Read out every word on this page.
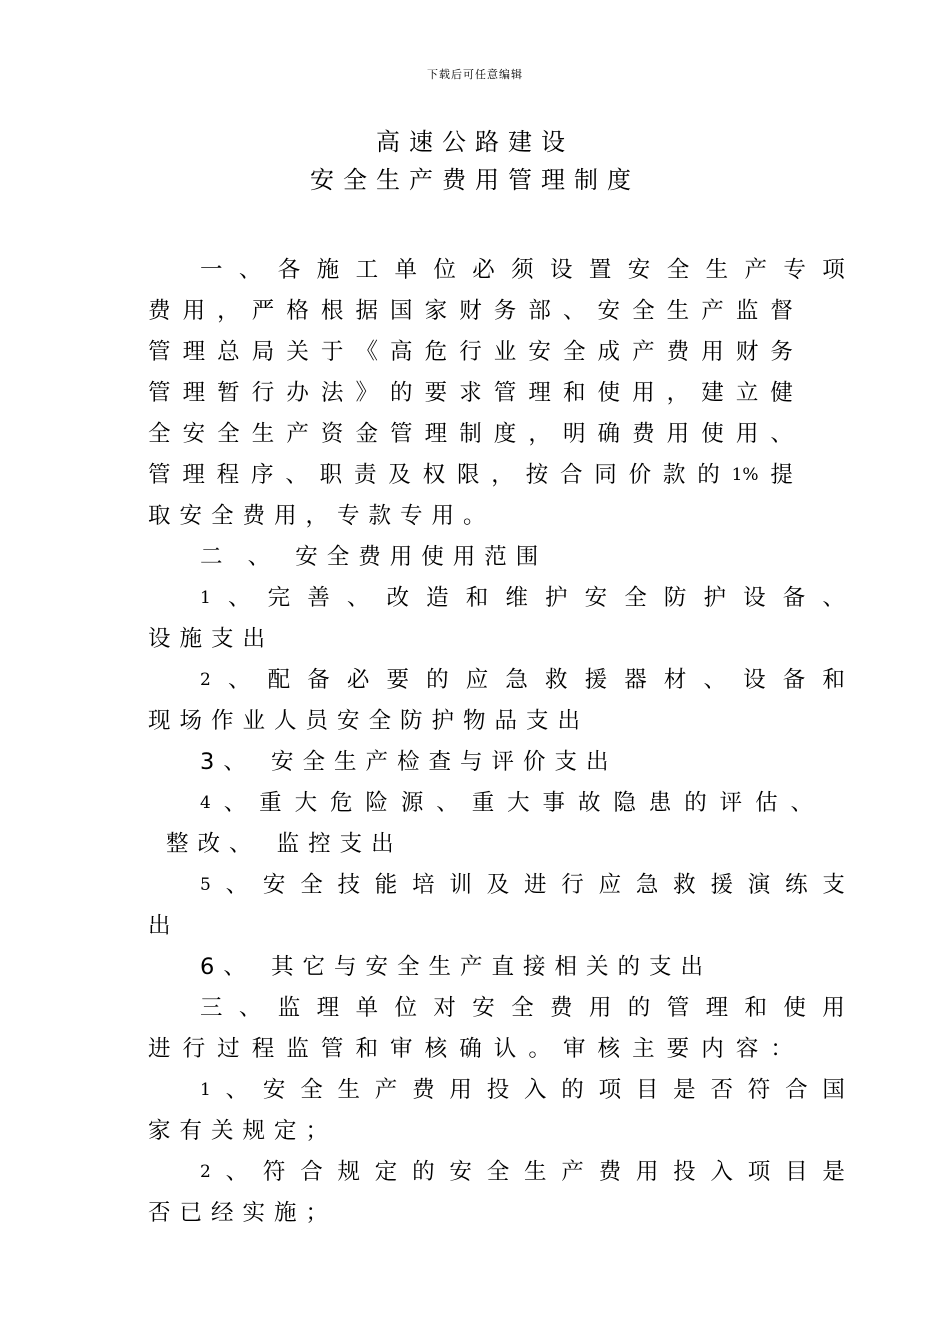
下载后可任意编辑
高速公路建设
安全生产费用管理制度
一 、 各 施 工 单 位 必 须 设 置 安 全 生 产 专 项
费 用 ， 严 格 根 据 国 家 财 务 部 、 安 全 生 产 监 督
管 理 总 局 关 于 《 高 危 行 业 安 全 成 产 费 用 财 务
管 理 暂 行 办 法 》 的 要 求 管 理 和 使 用 ， 建 立 健
全 安 全 生 产 资 金 管 理 制 度 ， 明 确 费 用 使 用 、
管 理 程 序 、 职 责 及 权 限 ， 按 合 同 价 款 的 1% 提
取安全费用，专款专用。
二 、 安全费用使用范围
1 、 完 善 、 改 造 和 维 护 安 全 防 护 设 备 、
设施支出
2 、 配 备 必 要 的 应 急 救 援 器 材 、 设 备 和
现场作业人员安全防护物品支出
3、 安全生产检查与评价支出
4 、 重 大 危 险 源 、 重 大 事 故 隐 患 的 评 估 、
整改、 监控支出
5 、 安 全 技 能 培 训 及 进 行 应 急 救 援 演 练 支
出
6、 其它与安全生产直接相关的支出
三 、 监 理 单 位 对 安 全 费 用 的 管 理 和 使 用
进 行 过 程 监 管 和 审 核 确 认 。 审 核 主 要 内 容 ：
1 、 安 全 生 产 费 用 投 入 的 项 目 是 否 符 合 国
家有关规定；
2 、 符 合 规 定 的 安 全 生 产 费 用 投 入 项 目 是
否已经实施；
